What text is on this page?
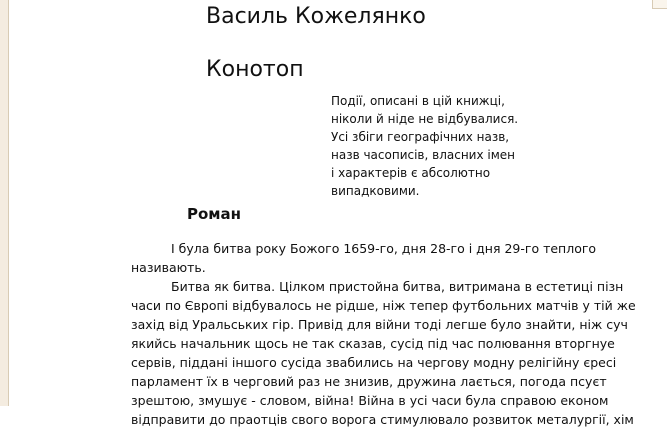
Василь Кожелянко
Конотоп
Події, описані в цій книжці,
ніколи й ніде не відбувалися.
Усі збіги географічних назв,
назв часописів, власних імен
і характерів є абсолютно
випадковими.
Роман
І була битва року Божого 1659-го, дня 28-го і дня 29-го теплого
називають.
Битва як битва. Цілком пристойна битва, витримана в естетиці пізн
часи по Європі відбувалось не рідше, ніж тепер футбольних матчів у тій же
захід від Уральських гір. Привід для війни тоді легше було знайти, ніж суч
якийсь начальник щось не так сказав, сусід під час полювання вторгнуе
сервів, піддані іншого сусіда звабились на чергову модну релігійну єресі
парламент їх в черговий раз не знизив, дружина лається, погода псуєт
зрештою, змушує - словом, війна! Війна в усі часи була справою економ
відправити до праотців свого ворога стимулювало розвиток металургії, хім
